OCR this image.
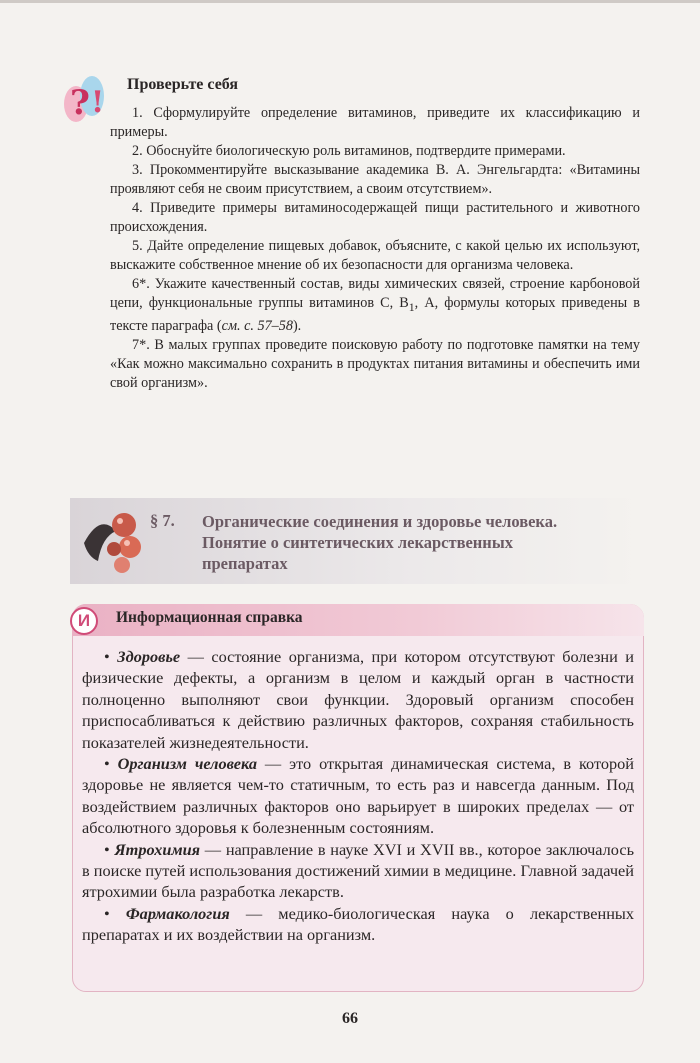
? !
Проверьте себя

1. Сформулируйте определение витаминов, приведите их классификацию и примеры.

2. Обоснуйте биологическую роль витаминов, подтвердите примерами.

3. Прокомментируйте высказывание академика В. А. Энгельгардта: «Витамины проявляют себя не своим присутствием, а своим отсутствием».

4. Приведите примеры витаминосодержащей пищи растительного и животного происхождения.

5. Дайте определение пищевых добавок, объясните, с какой целью их используют, выскажите собственное мнение об их безопасности для организма человека.

6*. Укажите качественный состав, виды химических связей, строение карбоновой цепи, функциональные группы витаминов С, $B_1$, А, формулы которых приведены в тексте параграфа (см. с. 57–58).

7*. В малых группах проведите поисковую работу по подготовке памятки на тему «Как можно максимально сохранить в продуктах питания витамины и обеспечить ими свой организм».

§ 7. Органические соединения и здоровье человека. Понятие о синтетических лекарственных препаратах
И	Информационная справка

• Здоровье — состояние организма, при котором отсутствуют болезни и физические дефекты, а организм в целом и каждый орган в частности полноценно выполняют свои функции. Здоровый организм способен приспосабливаться к действию различных факторов, сохраняя стабильность показателей жизнедеятельности.

• Организм человека — это открытая динамическая система, в которой здоровье не является чем-то статичным, то есть раз и навсегда данным. Под воздействием различных факторов оно варьирует в широких пределах — от абсолютного здоровья к болезненным состояниям.

• Ятрохимия — направление в науке XVI и XVII вв., которое заключалось в поиске путей использования достижений химии в медицине. Главной задачей ятрохимии была разработка лекарств.

• Фармакология — медико-биологическая наука о лекарственных препаратах и их воздействии на организм.

66
